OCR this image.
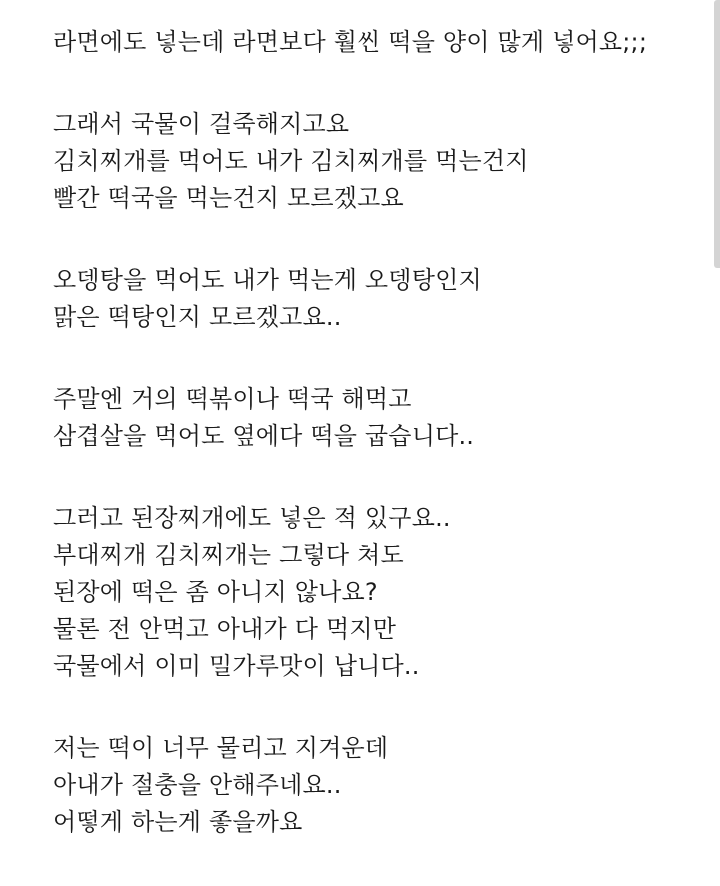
라면에도 넣는데 라면보다 훨씬 떡을 양이 많게 넣어요;;;
그래서 국물이 걸죽해지고요
김치찌개를 먹어도 내가 김치찌개를 먹는건지
빨간 떡국을 먹는건지 모르겠고요
오뎅탕을 먹어도 내가 먹는게 오뎅탕인지
맑은 떡탕인지 모르겠고요..
주말엔 거의 떡볶이나 떡국 해먹고
삼겹살을 먹어도 옆에다 떡을 굽습니다..
그러고 된장찌개에도 넣은 적 있구요..
부대찌개 김치찌개는 그렇다 쳐도
된장에 떡은 좀 아니지 않나요?
물론 전 안먹고 아내가 다 먹지만
국물에서 이미 밀가루맛이 납니다..
저는 떡이 너무 물리고 지겨운데
아내가 절충을 안해주네요..
어떻게 하는게 좋을까요
